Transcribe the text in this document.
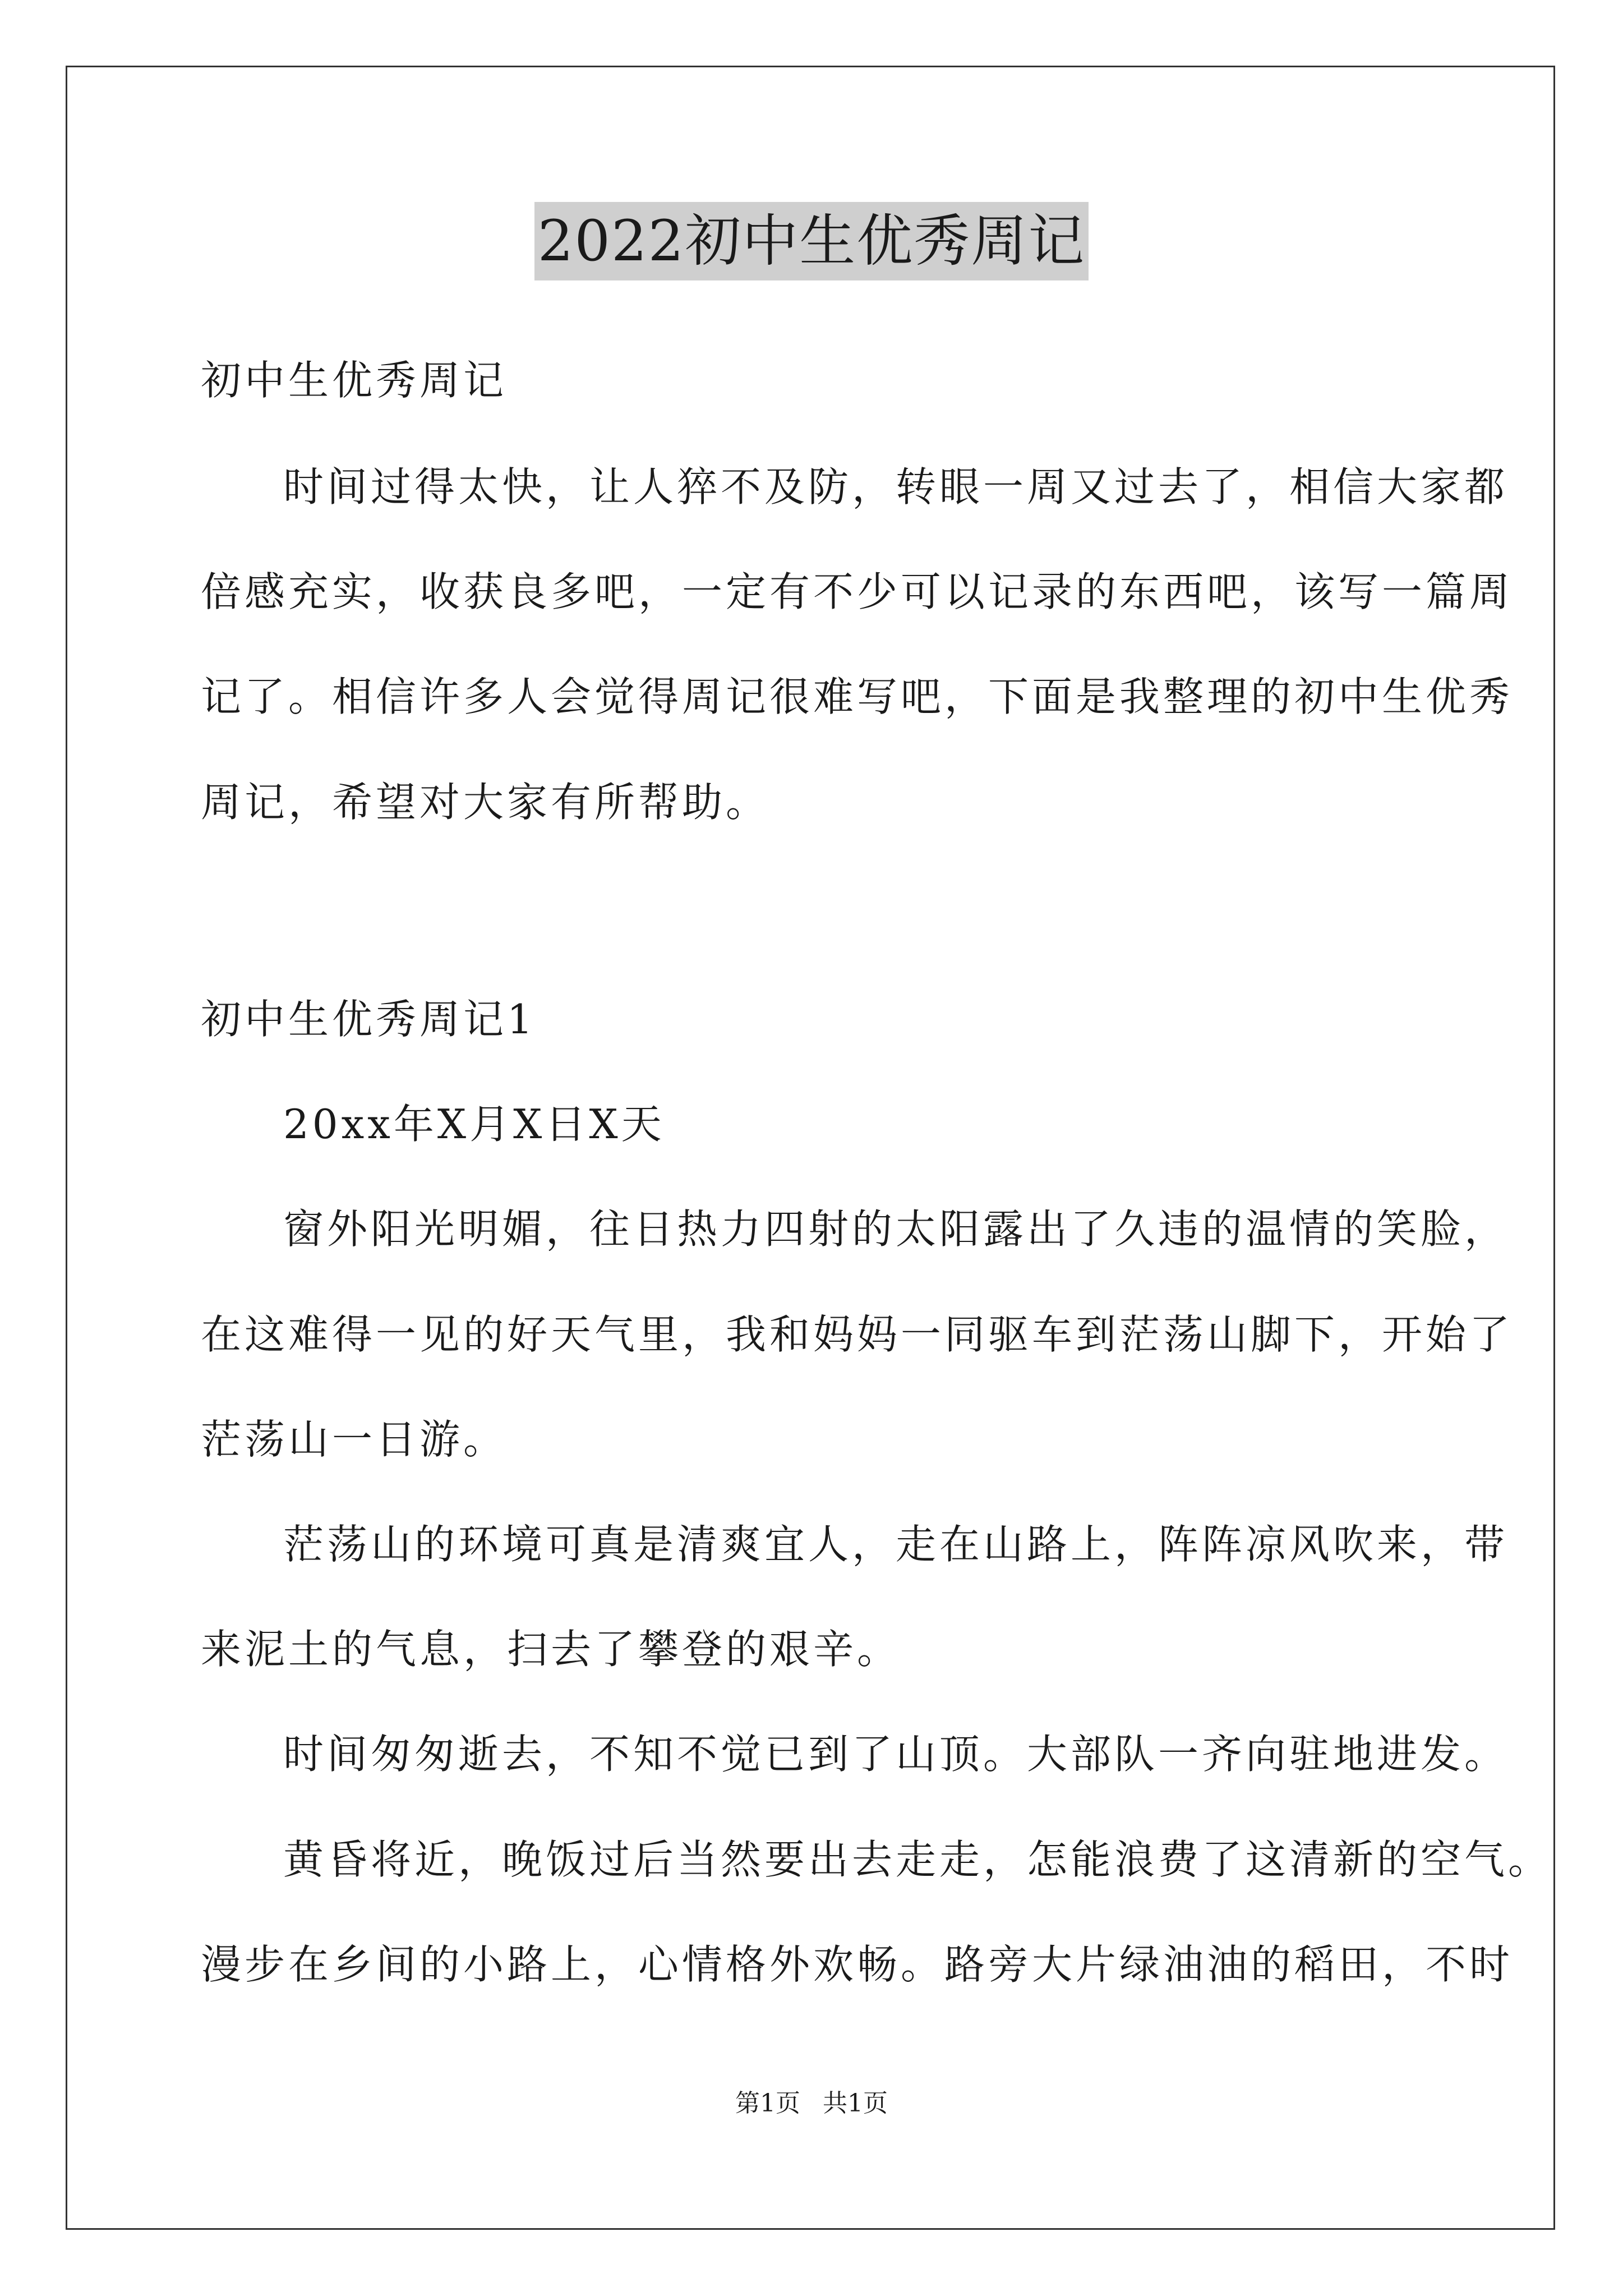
2022初中生优秀周记
初中生优秀周记
时间过得太快，让人猝不及防，转眼一周又过去了，相信大家都
倍感充实，收获良多吧，一定有不少可以记录的东西吧，该写一篇周
记了。相信许多人会觉得周记很难写吧，下面是我整理的初中生优秀
周记，希望对大家有所帮助。
初中生优秀周记1
20xx年X月X日X天
窗外阳光明媚，往日热力四射的太阳露出了久违的温情的笑脸，
在这难得一见的好天气里，我和妈妈一同驱车到茫荡山脚下，开始了
茫荡山一日游。
茫荡山的环境可真是清爽宜人，走在山路上，阵阵凉风吹来，带
来泥土的气息，扫去了攀登的艰辛。
时间匆匆逝去，不知不觉已到了山顶。大部队一齐向驻地进发。
黄昏将近，晚饭过后当然要出去走走，怎能浪费了这清新的空气。
漫步在乡间的小路上，心情格外欢畅。路旁大片绿油油的稻田，不时
第1页 共1页
